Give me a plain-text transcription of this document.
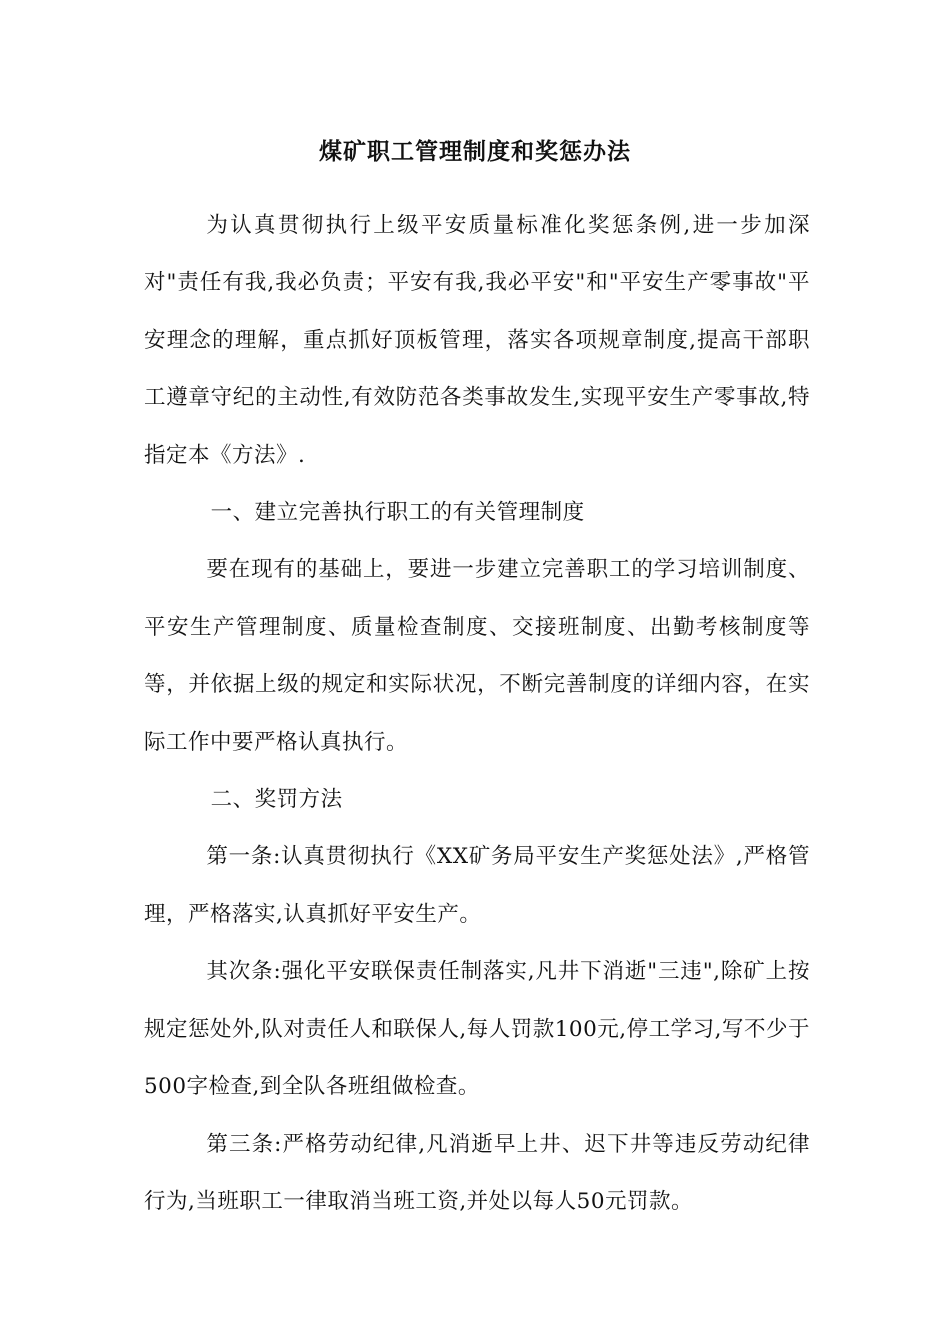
煤矿职工管理制度和奖惩办法

为认真贯彻执行上级平安质量标准化奖惩条例,进一步加深对"责任有我,我必负责；平安有我,我必平安"和"平安生产零事故"平安理念的理解，重点抓好顶板管理，落实各项规章制度,提高干部职工遵章守纪的主动性,有效防范各类事故发生,实现平安生产零事故,特指定本《方法》.

一、建立完善执行职工的有关管理制度

要在现有的基础上，要进一步建立完善职工的学习培训制度、平安生产管理制度、质量检查制度、交接班制度、出勤考核制度等等，并依据上级的规定和实际状况，不断完善制度的详细内容，在实际工作中要严格认真执行。

二、奖罚方法

第一条:认真贯彻执行《XX矿务局平安生产奖惩处法》,严格管理，严格落实,认真抓好平安生产。

其次条:强化平安联保责任制落实,凡井下消逝"三违",除矿上按规定惩处外,队对责任人和联保人,每人罚款100元,停工学习,写不少于500字检查,到全队各班组做检查。

第三条:严格劳动纪律,凡消逝早上井、迟下井等违反劳动纪律行为,当班职工一律取消当班工资,并处以每人50元罚款。
